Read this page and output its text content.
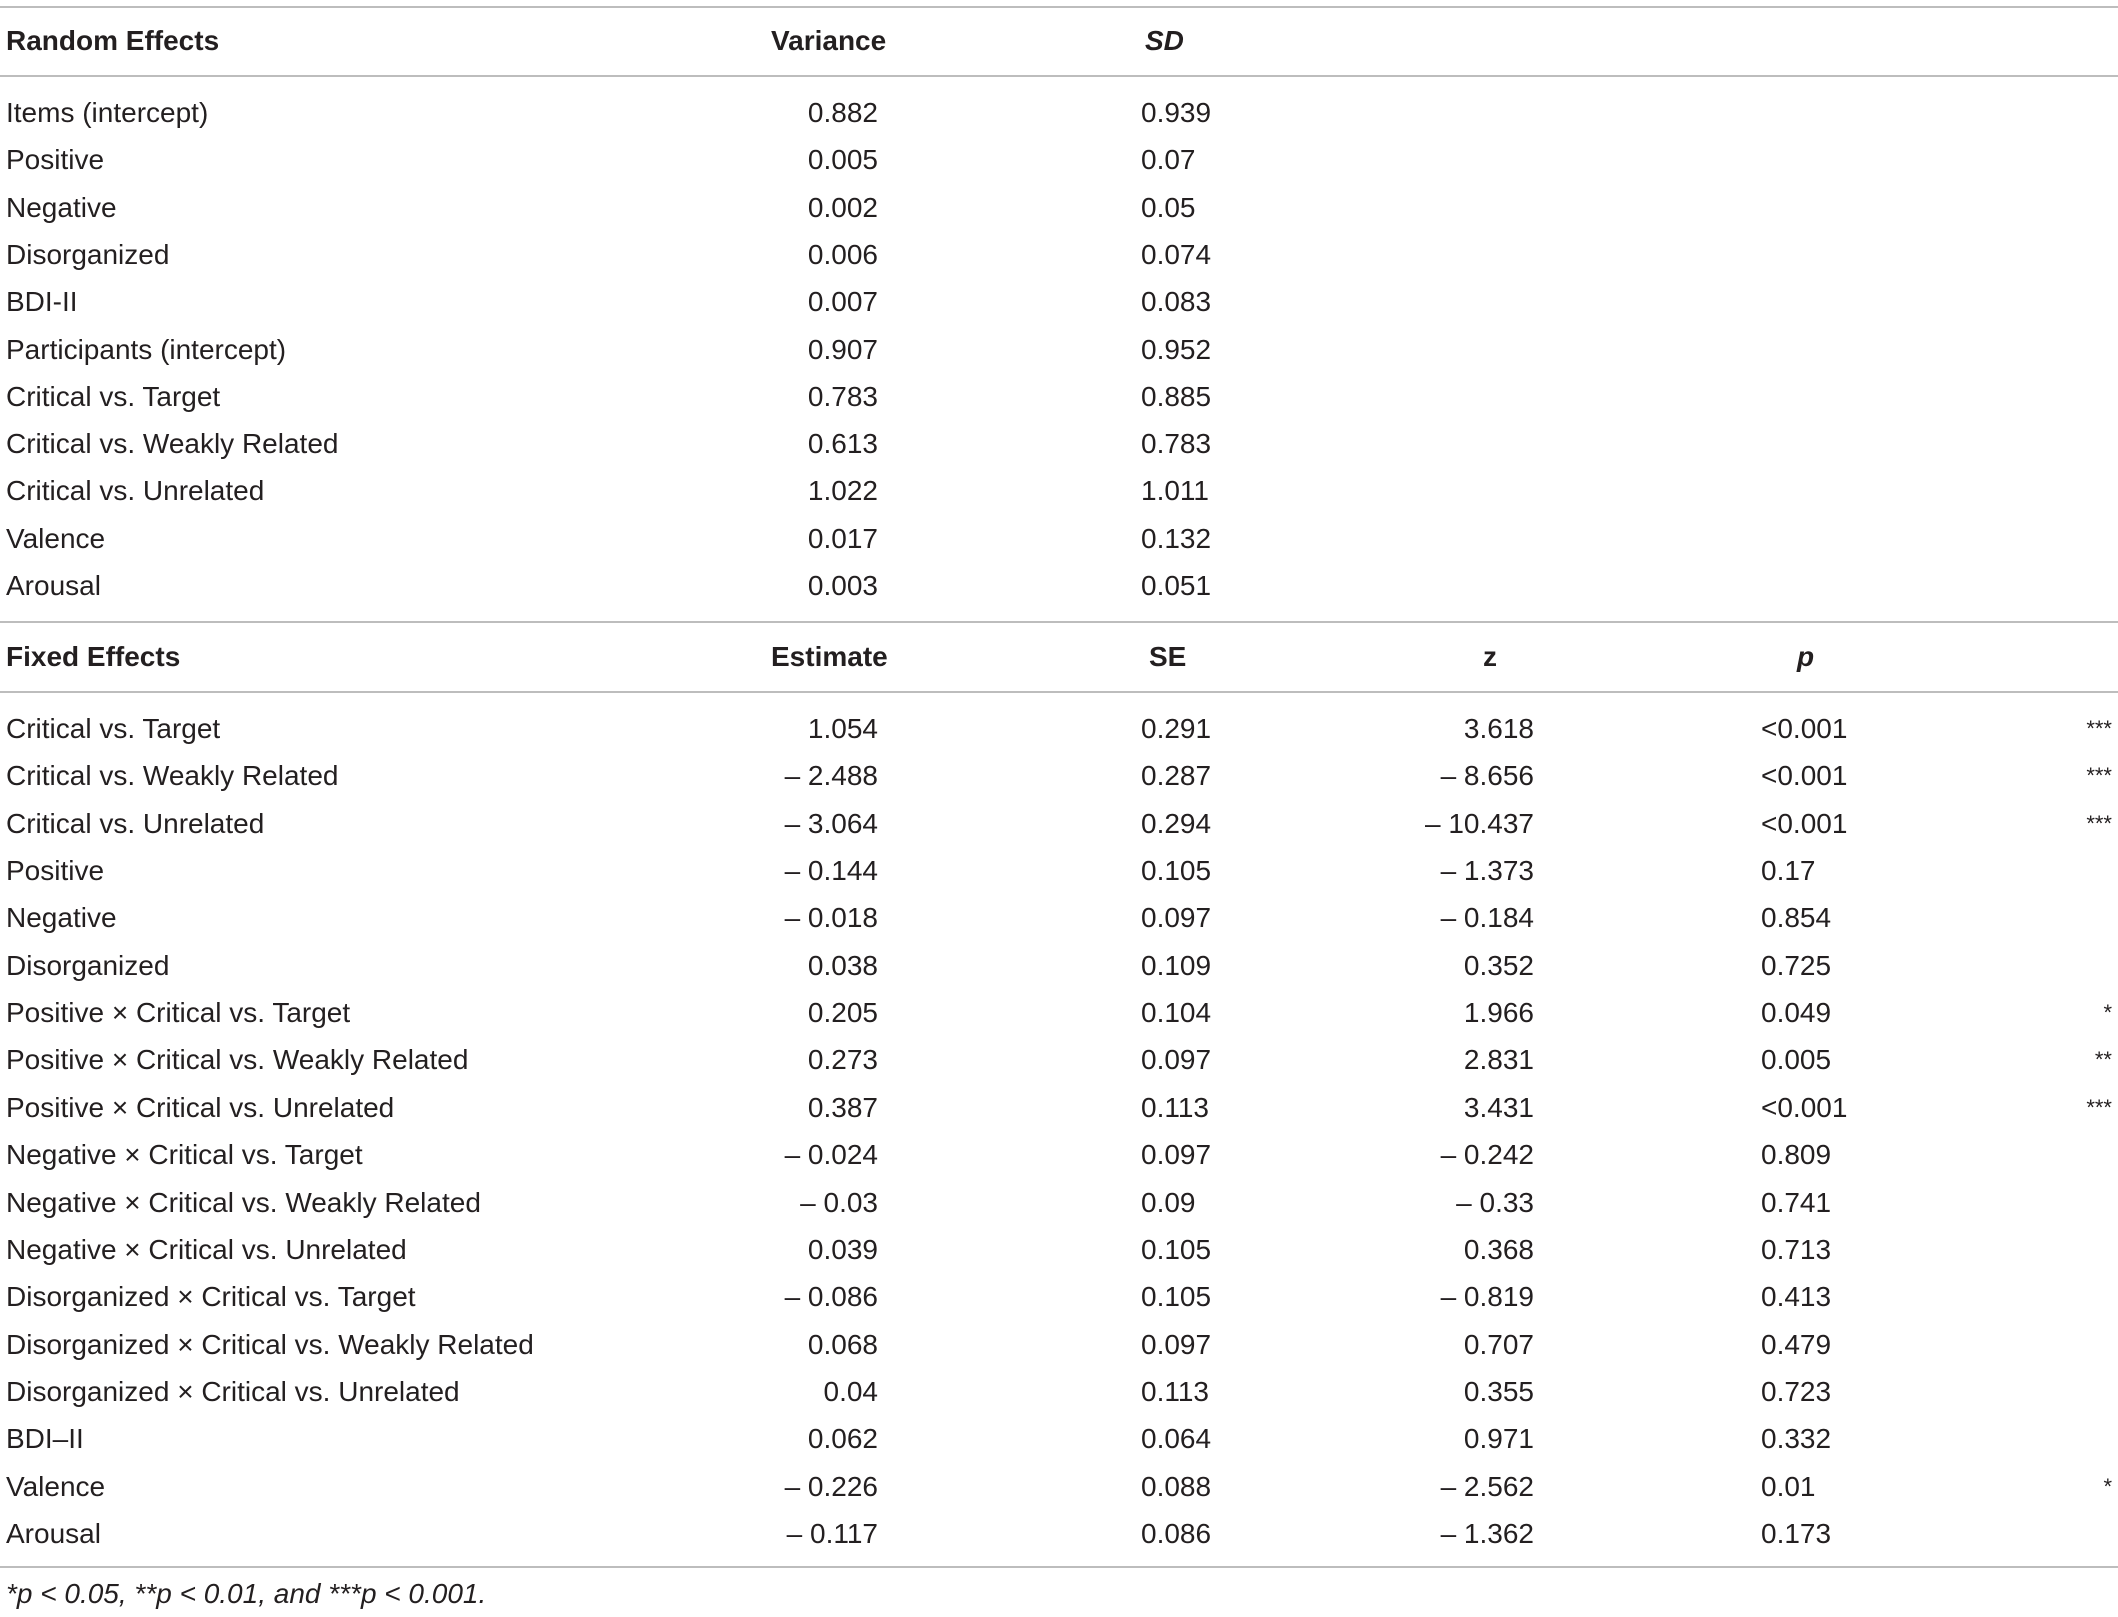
Random Effects	Variance	SD
Items (intercept)	0.882	0.939
Positive	0.005	0.07
Negative	0.002	0.05
Disorganized	0.006	0.074
BDI-II	0.007	0.083
Participants (intercept)	0.907	0.952
Critical vs. Target	0.783	0.885
Critical vs. Weakly Related	0.613	0.783
Critical vs. Unrelated	1.022	1.011
Valence	0.017	0.132
Arousal	0.003	0.051
Fixed Effects	Estimate	SE	z	p
Critical vs. Target	1.054	0.291	3.618	<0.001	***
Critical vs. Weakly Related	– 2.488	0.287	– 8.656	<0.001	***
Critical vs. Unrelated	– 3.064	0.294	– 10.437	<0.001	***
Positive	– 0.144	0.105	– 1.373	0.17
Negative	– 0.018	0.097	– 0.184	0.854
Disorganized	0.038	0.109	0.352	0.725
Positive × Critical vs. Target	0.205	0.104	1.966	0.049	*
Positive × Critical vs. Weakly Related	0.273	0.097	2.831	0.005	**
Positive × Critical vs. Unrelated	0.387	0.113	3.431	<0.001	***
Negative × Critical vs. Target	– 0.024	0.097	– 0.242	0.809
Negative × Critical vs. Weakly Related	– 0.03	0.09	– 0.33	0.741
Negative × Critical vs. Unrelated	0.039	0.105	0.368	0.713
Disorganized × Critical vs. Target	– 0.086	0.105	– 0.819	0.413
Disorganized × Critical vs. Weakly Related	0.068	0.097	0.707	0.479
Disorganized × Critical vs. Unrelated	0.04	0.113	0.355	0.723
BDI–II	0.062	0.064	0.971	0.332
Valence	– 0.226	0.088	– 2.562	0.01	*
Arousal	– 0.117	0.086	– 1.362	0.173
*p < 0.05, **p < 0.01, and ***p < 0.001.
